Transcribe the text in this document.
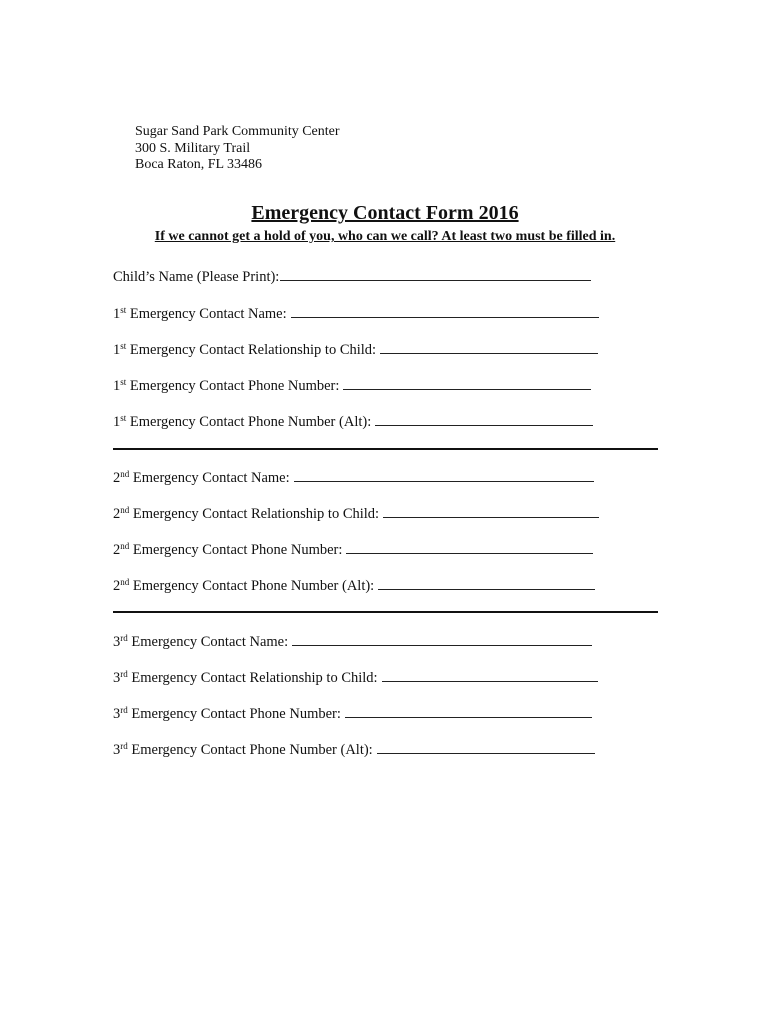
Sugar Sand Park Community Center
300 S. Military Trail
Boca Raton, FL 33486
Emergency Contact Form 2016
If we cannot get a hold of you, who can we call? At least two must be filled in.
Child’s Name (Please Print):
1st Emergency Contact Name:
1st Emergency Contact Relationship to Child:
1st Emergency Contact Phone Number:
1st Emergency Contact Phone Number (Alt):
2nd Emergency Contact Name:
2nd Emergency Contact Relationship to Child:
2nd Emergency Contact Phone Number:
2nd Emergency Contact Phone Number (Alt):
3rd Emergency Contact Name:
3rd Emergency Contact Relationship to Child:
3rd Emergency Contact Phone Number:
3rd Emergency Contact Phone Number (Alt):
